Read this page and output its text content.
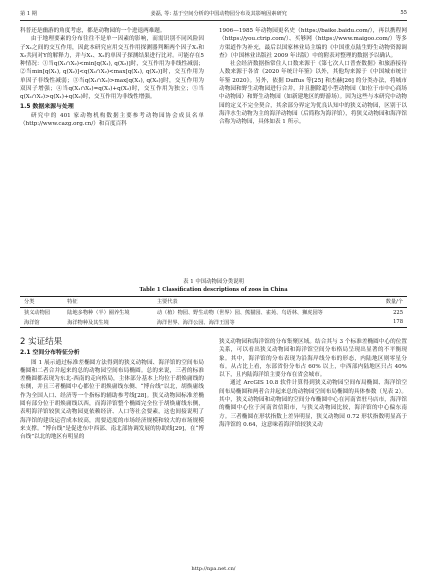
第 1 期	姜磊, 等: 基于空间分析的中国动物园分布及其影响因素研究	55

科普还是幽游的角度考虑，都是动物园的一个进退两难题。

由于地理要素的分布往往不是单一因素的影响，而需识别不同风险因子X₁之间的交互作用，因此本研究应用交互作用探测器判断两个因子X₁和X₂共同对Y的解释力，并与X₁、X₂的单因子探测结果进行比对。可能存在5种情况：①当q(X₁∩X₂)<min[q(X₁), q(X₂)]时，交互作用为非线性减弱；②当min[q(X₁), q(X₂)]<q(X₁∩X₂)<max[q(X₁), q(X₂)]时，交互作用为单因子非线性减弱；③当q(X₁∩X₂)>max[q(X₁), q(X₂)]时，交互作用为双因子增强；④当q(X₁∩X₂)=q(X₁)+q(X₂)时，交互作用为独立；⑤当q(X₁∩X₂)>q(X₁)+q(X₂)时，交互作用为非线性增强。

1.5 数据来源与处理

研究中的 401 家动物机构数据主要参考动物园协会成员名单（http://www.cazg.org.cn/）和百度百科

1906—1985 年动物园更名史（https://baike.baidu.com/），再以携程网（https://you.ctrip.com/）、买够网（https://www.maigoo.com/）等多方渠道作为补充，最后以国家林业局主编的《中国重点陆生野生动物资源调查》（中国林业出版社 2009 年出版）中的附表对整理的数据予以确认。

社会经济数据指常住人口数来源于《第七次人口普查数据》和旅游接待人数来源于各省《2020 年统计年鉴》以外，其他均来源于《中国城市统计年鉴 2020》。另外，依据 Duffus 等[25] 和杰赫[26] 的分类办法，将城市动物园和野生动物园进行合并，并且删除超小型动物园（如位于市中心商场中动物园）和野生动物园（如新建地区的野游场）。因为这些与本研究中动物园的定义不完全契合，其余部分界定为优良认知中的狭义动物园，区别于以海洋水生动物为主的海洋动物园（后简称为海洋馆），将狭义动物园和海洋馆合称为动物园，具体如表 1 所示。

表 1 中国动物园分类说明
Table 1 Classification descriptions of zoos in China
分类	特征	主要代表	数量/个
狭义动物园	陆地多物种（半）圈养生境	动（植）物园、野生动物（世界）园、熊猫园、雀苑、鸟语林、狮虎园等	225
海洋馆	海洋物种及其生境	海洋世界、海洋公园、海洋王国等	178
2 实证结果
2.1 空间分布特征分析

图 1 展示通过标准差椭圆方法得到的狭义动物园、海洋馆的空间布局椭圆和二者合并起来的总的动物园空间布局椭圆。总的来说，三者的标准差椭圆都表现为东北-西南的走向格局，主体部分基本上均位于胡焕庸线的东侧，并且三者椭圆中心都位于胡焕庸线东侧、“博台线”以北，胡焕庸线作为全国人口、经济等一个指标的辅助参考线[28]。狭义动物园标准差椭圆有部分位于胡焕庸线以西，而海洋馆整个椭圆完全位于胡焕庸线东侧，表明海洋馆较狭义动物园更依赖经济、人口等社会要素，这也间接说明了海洋馆的建设运营成本较高，需要适度的市场经济规模和较大的市场规模来支撑。“博台线”是促进东中西部、南北部协调发展的协助线[29]，在“博台线”以北的地区有明显的

狭义动物园和海洋馆的分布集聚区域。结合其与 3 个标准差椭圆中心的位置关系，可以看出狭义动物园和海洋馆空间分布格局呈现出显著的不平衡现象。其中，海洋馆的分布表现为沿海岸线分布的形态，内陆地区则零星分布。从占比上看，东部省份分布占 60% 以上，中西部内陆地区只占 40% 以下，且内陆海洋馆主要分布在省会城市。

通过 ArcGIS 10.8 软件计算得到狭义动物园空间布局椭圆、海洋馆空间布局椭圆和两者合并起来总的动物园空间布局椭圆的具体参数（见表 2）。其中，狭义动物园和动物园的空间分布椭圆中心在河南省驻马店市，海洋馆的椭圆中心位于河南省信阳市，与狭义动物园比较，海洋馆的中心偏东南方。三者椭圆在形状指数上差异明显，狭义动物园 0.72 形状指数明显高于海洋馆的 0.64，这意味着海洋馆较狭义动

http://npa.net.cn/
